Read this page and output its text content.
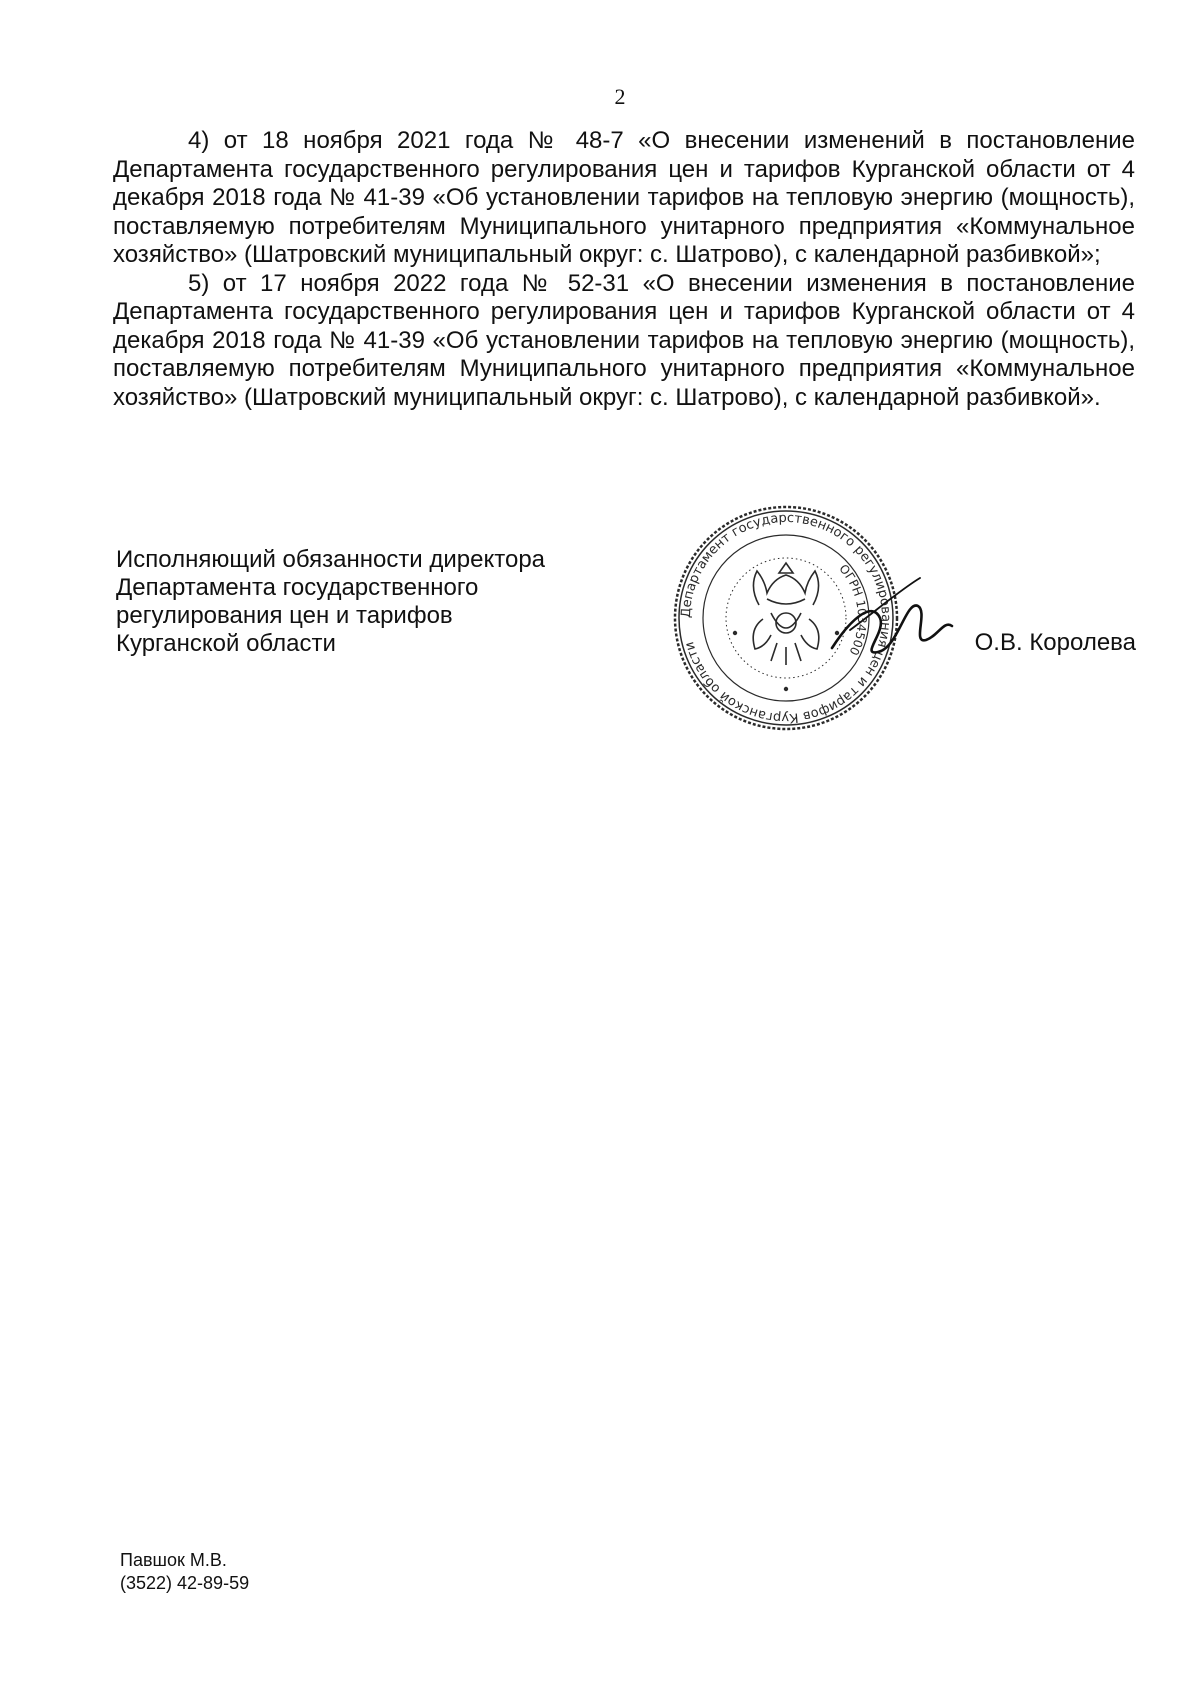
2

4) от 18 ноября 2021 года № 48-7 «О внесении изменений в постановление Департамента государственного регулирования цен и тарифов Курганской области от 4 декабря 2018 года № 41-39 «Об установлении тарифов на тепловую энергию (мощность), поставляемую потребителям Муниципального унитарного предприятия «Коммунальное хозяйство» (Шатровский муниципальный округ: с. Шатрово), с календарной разбивкой»;

5) от 17 ноября 2022 года № 52-31 «О внесении изменения в постановление Департамента государственного регулирования цен и тарифов Курганской области от 4 декабря 2018 года № 41-39 «Об установлении тарифов на тепловую энергию (мощность), поставляемую потребителям Муниципального унитарного предприятия «Коммунальное хозяйство» (Шатровский муниципальный округ: с. Шатрово), с календарной разбивкой».

Исполняющий обязанности директора
Департамента государственного
регулирования цен и тарифов
Курганской области
Департамент государственного регулирования цен и тарифов Курганской области
ОГРН 1034500	О.В. Королева
Павшок М.В.
(3522) 42-89-59
